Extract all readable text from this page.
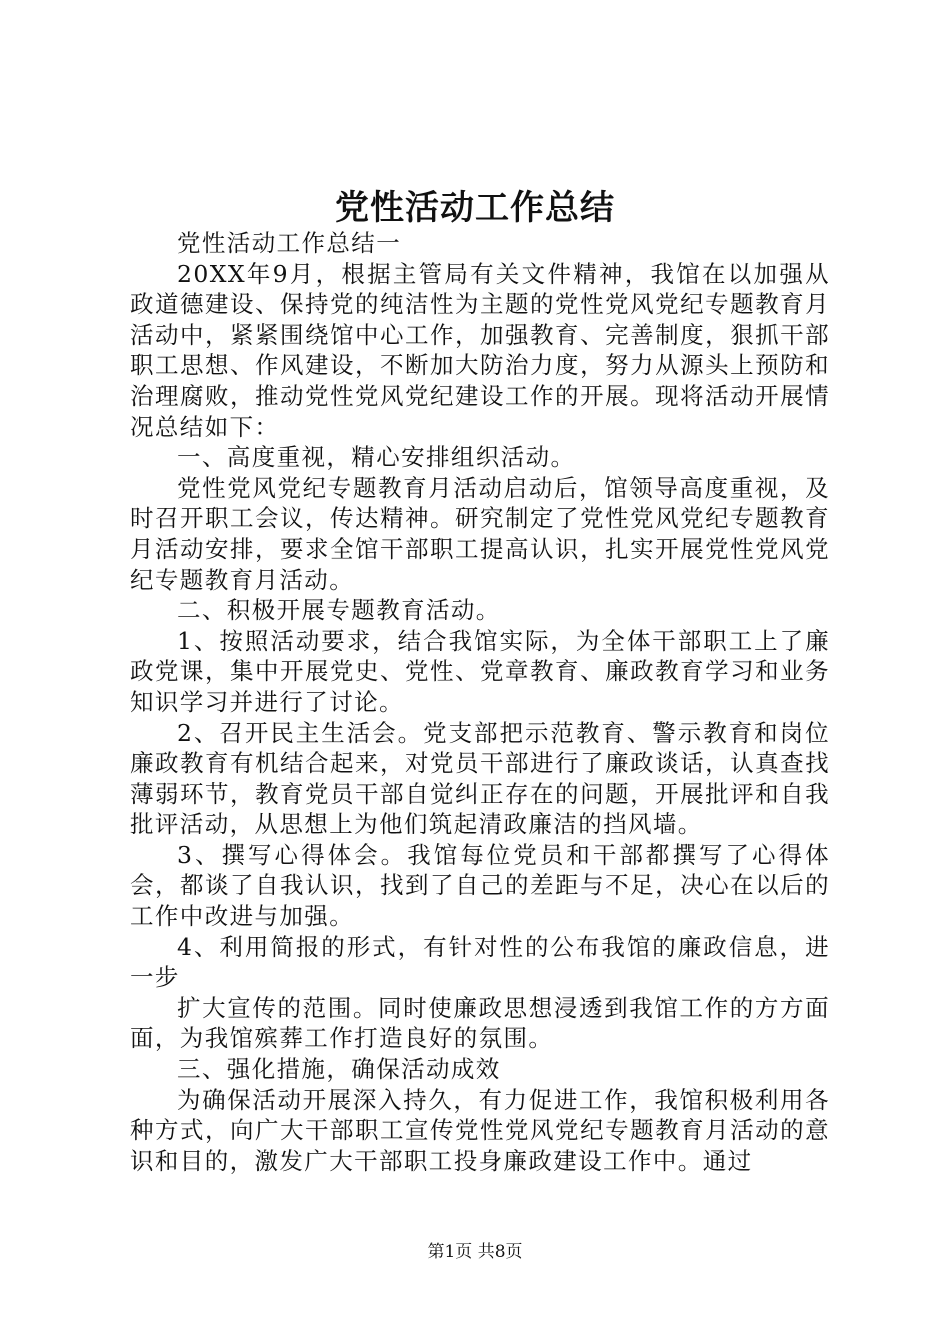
党性活动工作总结

党性活动工作总结一

20XX年9月，根据主管局有关文件精神，我馆在以加强从政道德建设、保持党的纯洁性为主题的党性党风党纪专题教育月活动中，紧紧围绕馆中心工作，加强教育、完善制度，狠抓干部职工思想、作风建设，不断加大防治力度，努力从源头上预防和治理腐败，推动党性党风党纪建设工作的开展。现将活动开展情况总结如下：

一、高度重视，精心安排组织活动。

党性党风党纪专题教育月活动启动后，馆领导高度重视，及时召开职工会议，传达精神。研究制定了党性党风党纪专题教育月活动安排，要求全馆干部职工提高认识，扎实开展党性党风党纪专题教育月活动。

二、积极开展专题教育活动。

1、按照活动要求，结合我馆实际，为全体干部职工上了廉政党课，集中开展党史、党性、党章教育、廉政教育学习和业务知识学习并进行了讨论。

2、召开民主生活会。党支部把示范教育、警示教育和岗位廉政教育有机结合起来，对党员干部进行了廉政谈话，认真查找薄弱环节，教育党员干部自觉纠正存在的问题，开展批评和自我批评活动，从思想上为他们筑起清政廉洁的挡风墙。

3、撰写心得体会。我馆每位党员和干部都撰写了心得体会，都谈了自我认识，找到了自己的差距与不足，决心在以后的工作中改进与加强。

4、利用简报的形式，有针对性的公布我馆的廉政信息，进一步

扩大宣传的范围。同时使廉政思想浸透到我馆工作的方方面面，为我馆殡葬工作打造良好的氛围。

三、强化措施，确保活动成效

为确保活动开展深入持久，有力促进工作，我馆积极利用各种方式，向广大干部职工宣传党性党风党纪专题教育月活动的意识和目的，激发广大干部职工投身廉政建设工作中。通过

第1页 共8页
